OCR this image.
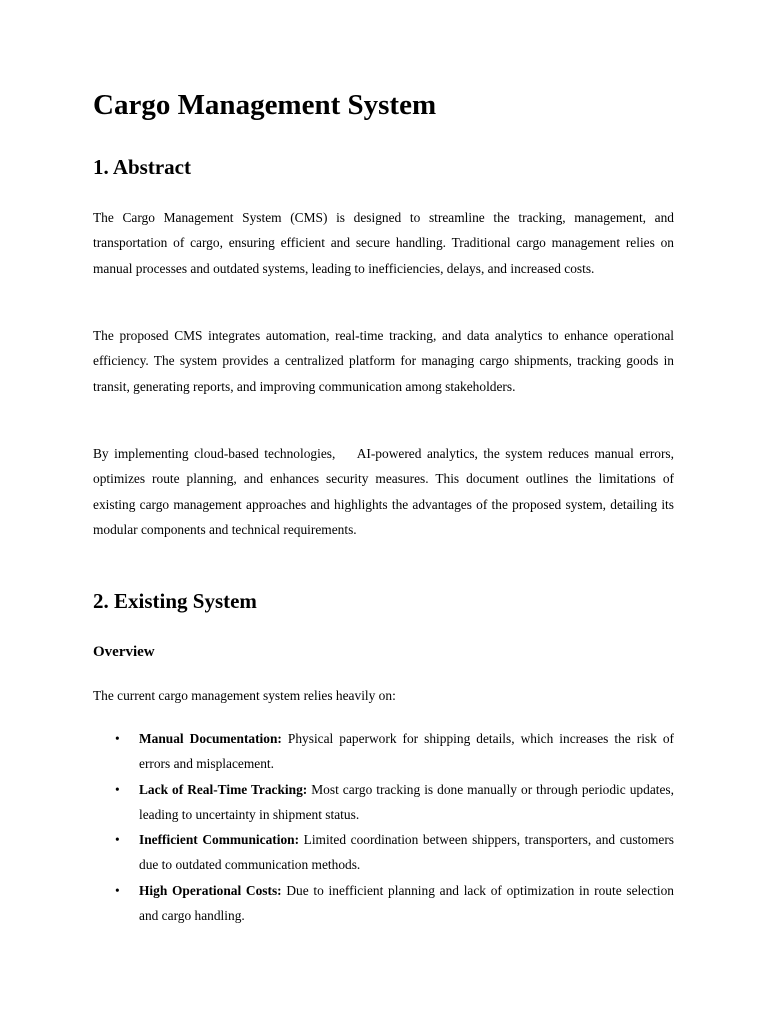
Cargo Management System
1. Abstract

The Cargo Management System (CMS) is designed to streamline the tracking, management, and transportation of cargo, ensuring efficient and secure handling. Traditional cargo management relies on manual processes and outdated systems, leading to inefficiencies, delays, and increased costs.

The proposed CMS integrates automation, real-time tracking, and data analytics to enhance operational efficiency. The system provides a centralized platform for managing cargo shipments, tracking goods in transit, generating reports, and improving communication among stakeholders.

By implementing cloud-based technologies,    AI-powered analytics, the system reduces manual errors, optimizes route planning, and enhances security measures. This document outlines the limitations of existing cargo management approaches and highlights the advantages of the proposed system, detailing its modular components and technical requirements.

2. Existing System
Overview

The current cargo management system relies heavily on:

• Manual Documentation: Physical paperwork for shipping details, which increases the risk of errors and misplacement.
• Lack of Real-Time Tracking: Most cargo tracking is done manually or through periodic updates, leading to uncertainty in shipment status.
• Inefficient Communication: Limited coordination between shippers, transporters, and customers due to outdated communication methods.
• High Operational Costs: Due to inefficient planning and lack of optimization in route selection and cargo handling.
